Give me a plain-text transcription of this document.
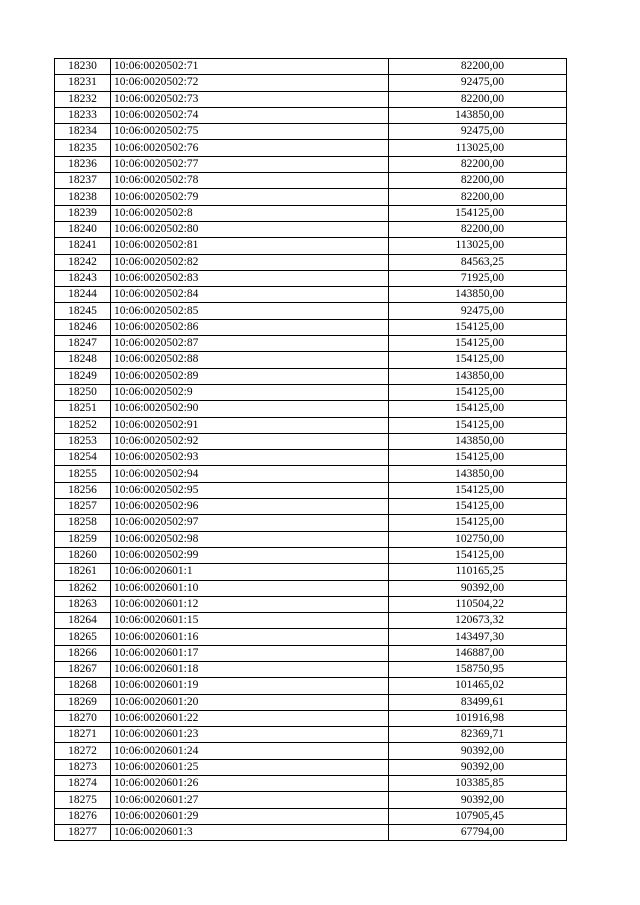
18230	10:06:0020502:71	82200,00
18231	10:06:0020502:72	92475,00
18232	10:06:0020502:73	82200,00
18233	10:06:0020502:74	143850,00
18234	10:06:0020502:75	92475,00
18235	10:06:0020502:76	113025,00
18236	10:06:0020502:77	82200,00
18237	10:06:0020502:78	82200,00
18238	10:06:0020502:79	82200,00
18239	10:06:0020502:8	154125,00
18240	10:06:0020502:80	82200,00
18241	10:06:0020502:81	113025,00
18242	10:06:0020502:82	84563,25
18243	10:06:0020502:83	71925,00
18244	10:06:0020502:84	143850,00
18245	10:06:0020502:85	92475,00
18246	10:06:0020502:86	154125,00
18247	10:06:0020502:87	154125,00
18248	10:06:0020502:88	154125,00
18249	10:06:0020502:89	143850,00
18250	10:06:0020502:9	154125,00
18251	10:06:0020502:90	154125,00
18252	10:06:0020502:91	154125,00
18253	10:06:0020502:92	143850,00
18254	10:06:0020502:93	154125,00
18255	10:06:0020502:94	143850,00
18256	10:06:0020502:95	154125,00
18257	10:06:0020502:96	154125,00
18258	10:06:0020502:97	154125,00
18259	10:06:0020502:98	102750,00
18260	10:06:0020502:99	154125,00
18261	10:06:0020601:1	110165,25
18262	10:06:0020601:10	90392,00
18263	10:06:0020601:12	110504,22
18264	10:06:0020601:15	120673,32
18265	10:06:0020601:16	143497,30
18266	10:06:0020601:17	146887,00
18267	10:06:0020601:18	158750,95
18268	10:06:0020601:19	101465,02
18269	10:06:0020601:20	83499,61
18270	10:06:0020601:22	101916,98
18271	10:06:0020601:23	82369,71
18272	10:06:0020601:24	90392,00
18273	10:06:0020601:25	90392,00
18274	10:06:0020601:26	103385,85
18275	10:06:0020601:27	90392,00
18276	10:06:0020601:29	107905,45
18277	10:06:0020601:3	67794,00
